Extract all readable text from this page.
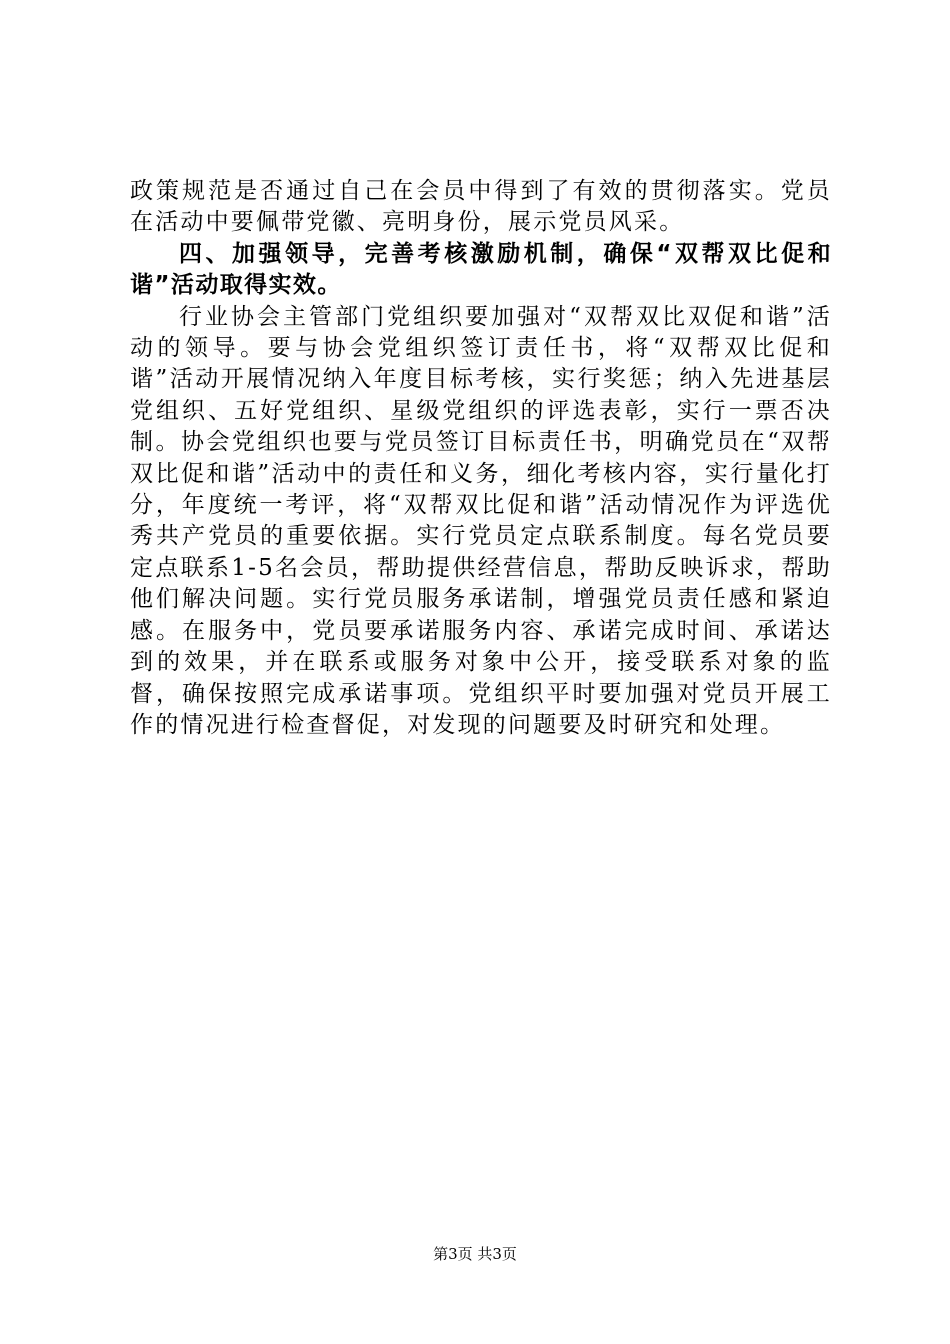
政策规范是否通过自己在会员中得到了有效的贯彻落实。党员在活动中要佩带党徽、亮明身份，展示党员风采。

四、加强领导，完善考核激励机制，确保“双帮双比促和谐”活动取得实效。

行业协会主管部门党组织要加强对“双帮双比双促和谐”活动的领导。要与协会党组织签订责任书，将“双帮双比促和谐”活动开展情况纳入年度目标考核，实行奖惩；纳入先进基层党组织、五好党组织、星级党组织的评选表彰，实行一票否决制。协会党组织也要与党员签订目标责任书，明确党员在“双帮双比促和谐”活动中的责任和义务，细化考核内容，实行量化打分，年度统一考评，将“双帮双比促和谐”活动情况作为评选优秀共产党员的重要依据。实行党员定点联系制度。每名党员要定点联系1-5名会员，帮助提供经营信息，帮助反映诉求，帮助他们解决问题。实行党员服务承诺制，增强党员责任感和紧迫感。在服务中，党员要承诺服务内容、承诺完成时间、承诺达到的效果，并在联系或服务对象中公开，接受联系对象的监督，确保按照完成承诺事项。党组织平时要加强对党员开展工作的情况进行检查督促，对发现的问题要及时研究和处理。

第3页 共3页
